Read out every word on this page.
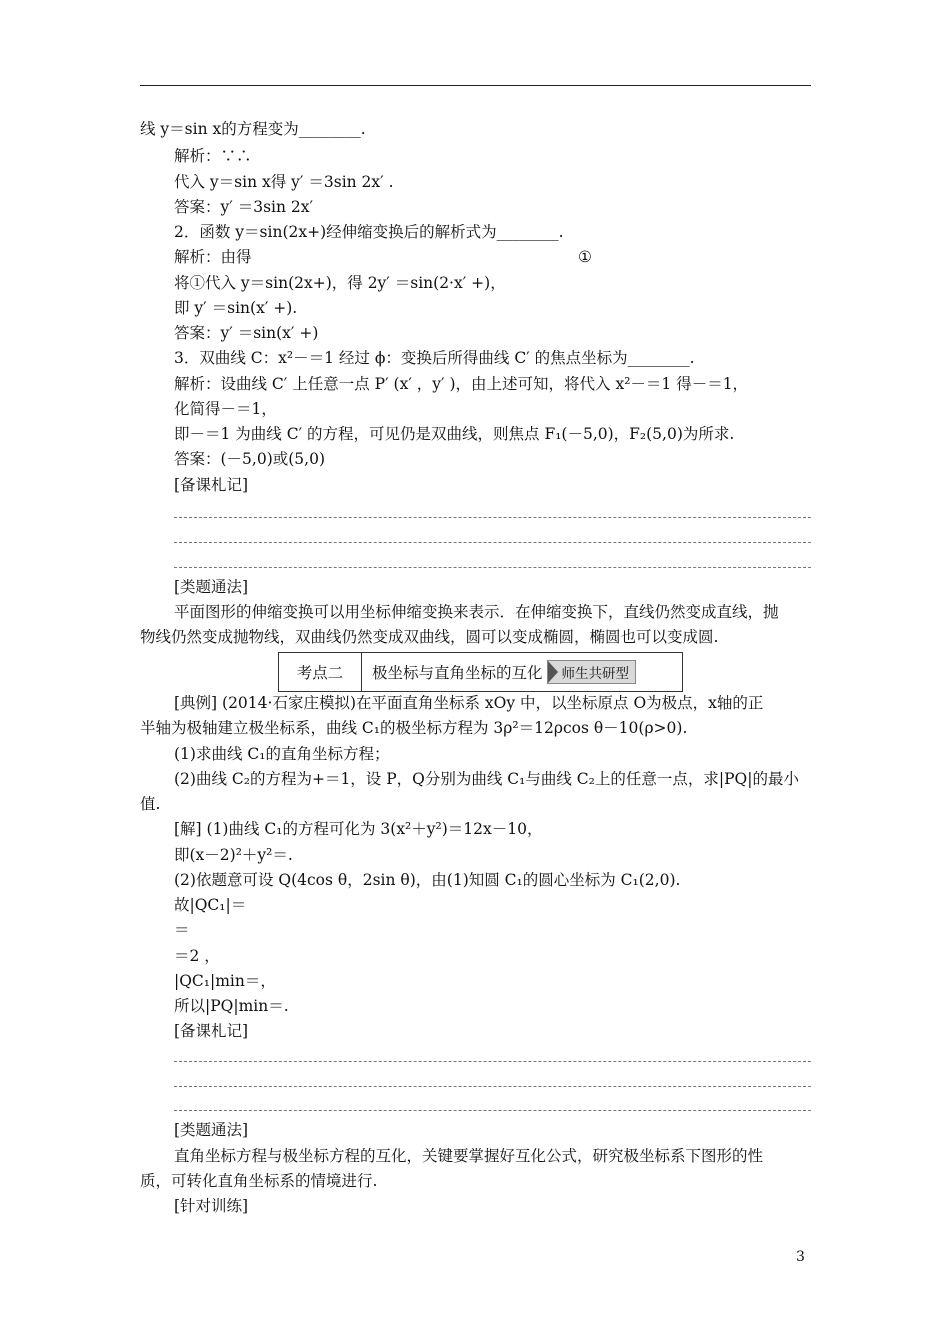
线 y＝sin x的方程变为________.
解析：∵∴
代入 y＝sin x得 y′ ＝3sin 2x′ .
答案：y′ ＝3sin 2x′
2．函数 y＝sin(2x+)经伸缩变换后的解析式为________.
解析：由得	①
将①代入 y＝sin(2x+)，得 2y′ ＝sin(2·x′ +)，
即 y′ ＝sin(x′ +).
答案：y′ ＝sin(x′ +)
3．双曲线 C：x²－＝1 经过 ϕ：变换后所得曲线 C′ 的焦点坐标为________.
解析：设曲线 C′ 上任意一点 P′ (x′ ，y′ )，由上述可知，将代入 x²－＝1 得－＝1，
化简得－＝1，
即－＝1 为曲线 C′ 的方程，可见仍是双曲线，则焦点 F₁(－5,0)，F₂(5,0)为所求.
答案：(－5,0)或(5,0)
[备课札记]
[类题通法]
平面图形的伸缩变换可以用坐标伸缩变换来表示．在伸缩变换下，直线仍然变成直线，抛
物线仍然变成抛物线，双曲线仍然变成双曲线，圆可以变成椭圆，椭圆也可以变成圆.
考点二	极坐标与直角坐标的互化 师生共研型
[典例] (2014·石家庄模拟)在平面直角坐标系 xOy 中，以坐标原点 O为极点，x轴的正
半轴为极轴建立极坐标系，曲线 C₁的极坐标方程为 3ρ²＝12ρcos θ－10(ρ>0).
(1)求曲线 C₁的直角坐标方程；
(2)曲线 C₂的方程为+＝1，设 P，Q分别为曲线 C₁与曲线 C₂上的任意一点，求|PQ|的最小
值.
[解] (1)曲线 C₁的方程可化为 3(x²＋y²)＝12x－10，
即(x－2)²＋y²＝.
(2)依题意可设 Q(4cos θ，2sin θ)，由(1)知圆 C₁的圆心坐标为 C₁(2,0).
故|QC₁|＝
＝
＝2 ，
|QC₁|min＝，
所以|PQ|min＝.
[备课札记]
[类题通法]
直角坐标方程与极坐标方程的互化，关键要掌握好互化公式，研究极坐标系下图形的性
质，可转化直角坐标系的情境进行.
[针对训练]
3
